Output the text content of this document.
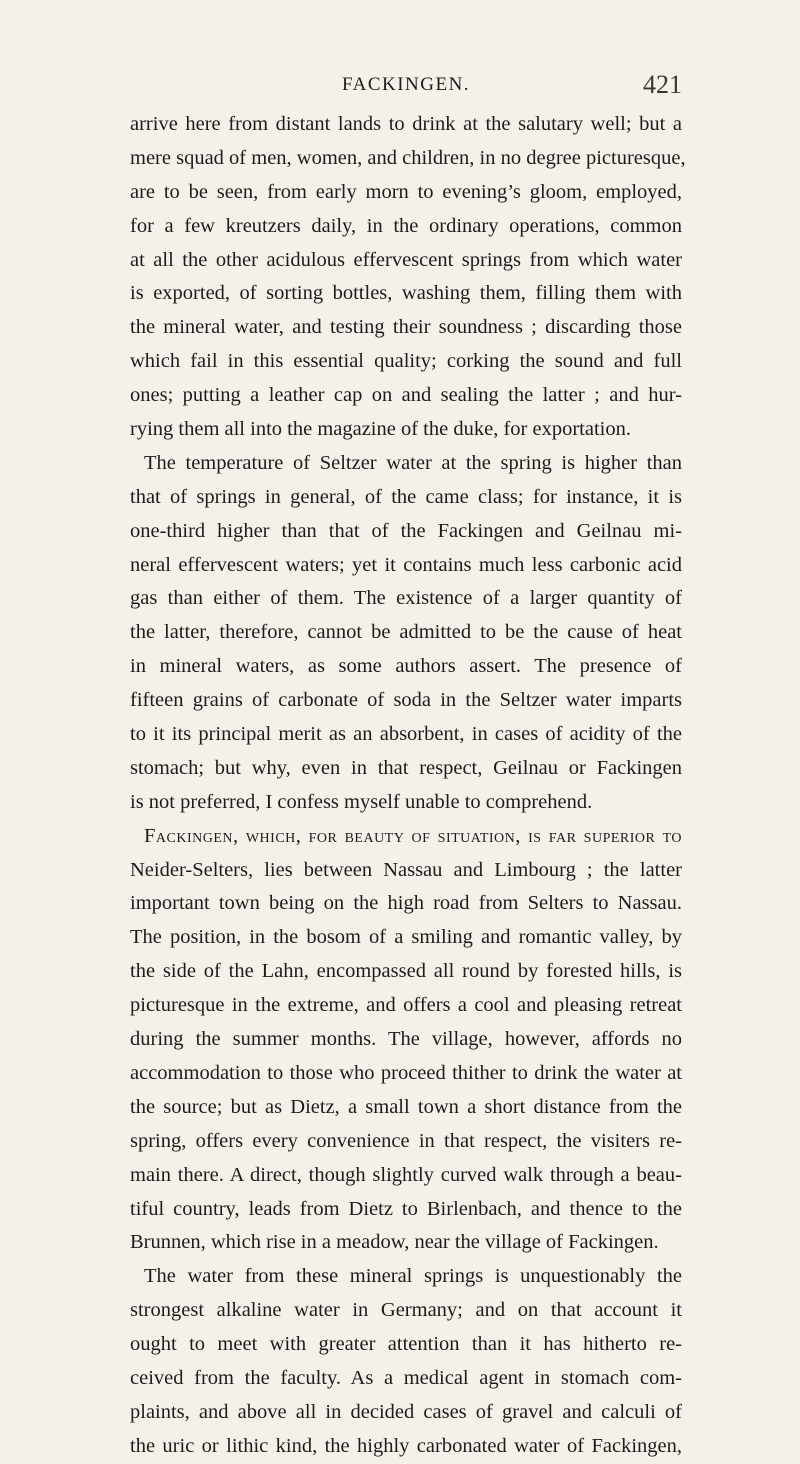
FACKINGEN.	421
arrive here from distant lands to drink at the salutary well; but a
mere squad of men, women, and children, in no degree picturesque,
are to be seen, from early morn to evening’s gloom, employed,
for a few kreutzers daily, in the ordinary operations, common
at all the other acidulous effervescent springs from which water
is exported, of sorting bottles, washing them, filling them with
the mineral water, and testing their soundness ; discarding those
which fail in this essential quality; corking the sound and full
ones; putting a leather cap on and sealing the latter ; and hur-
rying them all into the magazine of the duke, for exportation.
The temperature of Seltzer water at the spring is higher than
that of springs in general, of the came class; for instance, it is
one-third higher than that of the Fackingen and Geilnau mi-
neral effervescent waters; yet it contains much less carbonic acid
gas than either of them. The existence of a larger quantity of
the latter, therefore, cannot be admitted to be the cause of heat
in mineral waters, as some authors assert. The presence of
fifteen grains of carbonate of soda in the Seltzer water imparts
to it its principal merit as an absorbent, in cases of acidity of the
stomach; but why, even in that respect, Geilnau or Fackingen
is not preferred, I confess myself unable to comprehend.
Fackingen, which, for beauty of situation, is far superior to
Neider-Selters, lies between Nassau and Limbourg ; the latter
important town being on the high road from Selters to Nassau.
The position, in the bosom of a smiling and romantic valley, by
the side of the Lahn, encompassed all round by forested hills, is
picturesque in the extreme, and offers a cool and pleasing retreat
during the summer months. The village, however, affords no
accommodation to those who proceed thither to drink the water at
the source; but as Dietz, a small town a short distance from the
spring, offers every convenience in that respect, the visiters re-
main there. A direct, though slightly curved walk through a beau-
tiful country, leads from Dietz to Birlenbach, and thence to the
Brunnen, which rise in a meadow, near the village of Fackingen.
The water from these mineral springs is unquestionably the
strongest alkaline water in Germany; and on that account it
ought to meet with greater attention than it has hitherto re-
ceived from the faculty. As a medical agent in stomach com-
plaints, and above all in decided cases of gravel and calculi of
the uric or lithic kind, the highly carbonated water of Fackingen,
